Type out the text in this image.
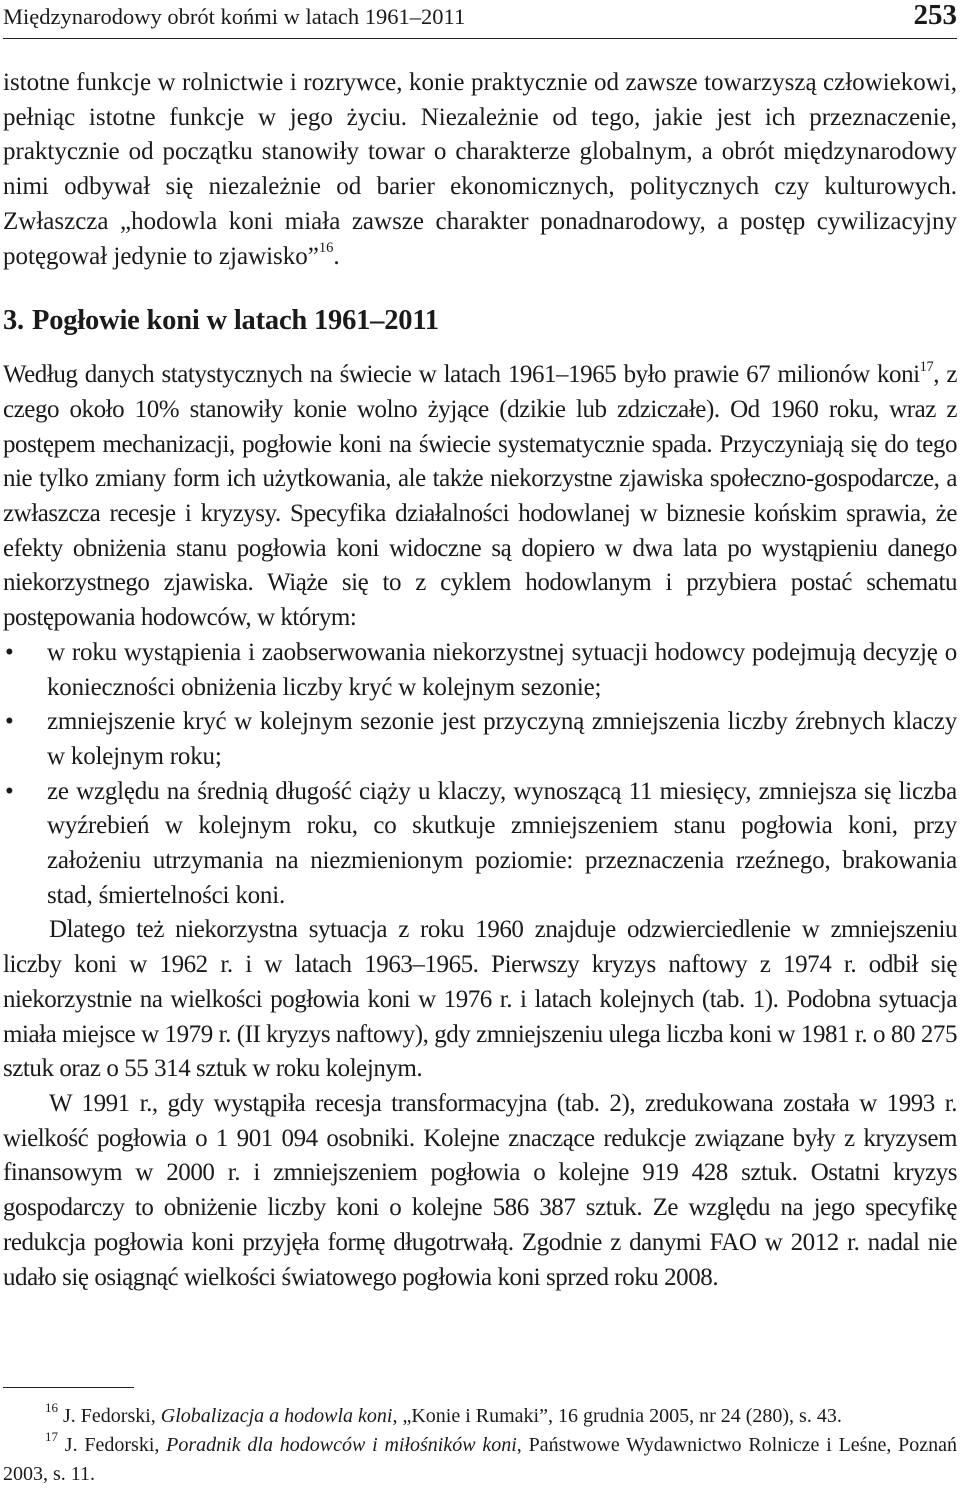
Międzynarodowy obrót końmi w latach 1961–2011	253

istotne funkcje w rolnictwie i rozrywce, konie praktycznie od zawsze towarzyszą człowiekowi, pełniąc istotne funkcje w jego życiu. Niezależnie od tego, jakie jest ich przeznaczenie, praktycznie od początku stanowiły towar o charakterze globalnym, a obrót międzynarodowy nimi odbywał się niezależnie od barier ekonomicznych, politycznych czy kulturowych. Zwłaszcza „hodowla koni miała zawsze charakter ponadnarodowy, a postęp cywilizacyjny potęgował jedynie to zjawisko”$^{16}$.

3. Pogłowie koni w latach 1961–2011

Według danych statystycznych na świecie w latach 1961–1965 było prawie 67 milionów koni$^{17}$, z czego około 10% stanowiły konie wolno żyjące (dzikie lub zdziczałe). Od 1960 roku, wraz z postępem mechanizacji, pogłowie koni na świecie systematycznie spada. Przyczyniają się do tego nie tylko zmiany form ich użytkowania, ale także niekorzystne zjawiska społeczno-gospodarcze, a zwłaszcza recesje i kryzysy. Specyfika działalności hodowlanej w biznesie końskim sprawia, że efekty obniżenia stanu pogłowia koni widoczne są dopiero w dwa lata po wystąpieniu danego niekorzystnego zjawiska. Wiąże się to z cyklem hodowlanym i przybiera postać schematu postępowania hodowców, w którym:

• w roku wystąpienia i zaobserwowania niekorzystnej sytuacji hodowcy podejmują decyzję o konieczności obniżenia liczby kryć w kolejnym sezonie;
• zmniejszenie kryć w kolejnym sezonie jest przyczyną zmniejszenia liczby źrebnych klaczy w kolejnym roku;
• ze względu na średnią długość ciąży u klaczy, wynoszącą 11 miesięcy, zmniejsza się liczba wyźrebień w kolejnym roku, co skutkuje zmniejszeniem stanu pogłowia koni, przy założeniu utrzymania na niezmienionym poziomie: przeznaczenia rzeźnego, brakowania stad, śmiertelności koni.

Dlatego też niekorzystna sytuacja z roku 1960 znajduje odzwierciedlenie w zmniejszeniu liczby koni w 1962 r. i w latach 1963–1965. Pierwszy kryzys naftowy z 1974 r. odbił się niekorzystnie na wielkości pogłowia koni w 1976 r. i latach kolejnych (tab. 1). Podobna sytuacja miała miejsce w 1979 r. (II kryzys naftowy), gdy zmniejszeniu ulega liczba koni w 1981 r. o 80 275 sztuk oraz o 55 314 sztuk w roku kolejnym.

W 1991 r., gdy wystąpiła recesja transformacyjna (tab. 2), zredukowana została w 1993 r. wielkość pogłowia o 1 901 094 osobniki. Kolejne znaczące redukcje związane były z kryzysem finansowym w 2000 r. i zmniejszeniem pogłowia o kolejne 919 428 sztuk. Ostatni kryzys gospodarczy to obniżenie liczby koni o kolejne 586 387 sztuk. Ze względu na jego specyfikę redukcja pogłowia koni przyjęła formę długotrwałą. Zgodnie z danymi FAO w 2012 r. nadal nie udało się osiągnąć wielkości światowego pogłowia koni sprzed roku 2008.

$^{16}$ J. Fedorski, Globalizacja a hodowla koni, „Konie i Rumaki”, 16 grudnia 2005, nr 24 (280), s. 43.

$^{17}$ J. Fedorski, Poradnik dla hodowców i miłośników koni, Państwowe Wydawnictwo Rolnicze i Leśne, Poznań 2003, s. 11.
